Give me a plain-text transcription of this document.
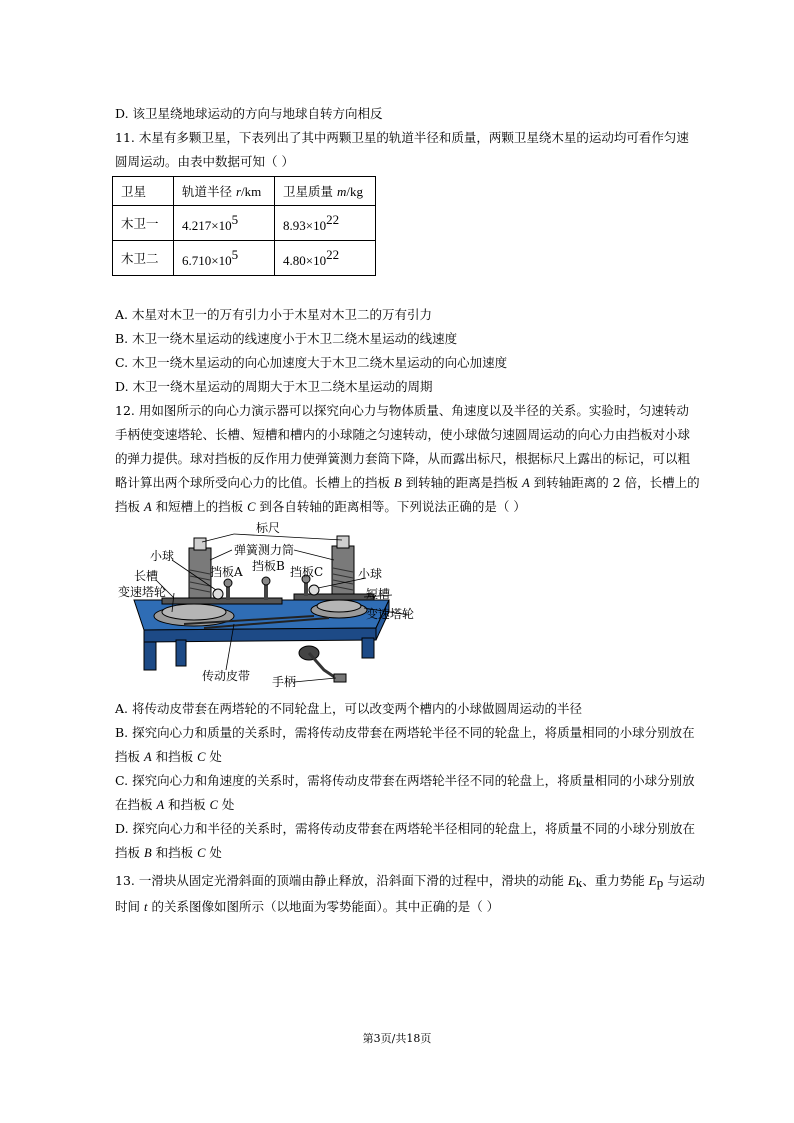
D. 该卫星绕地球运动的方向与地球自转方向相反
11. 木星有多颗卫星，下表列出了其中两颗卫星的轨道半径和质量，两颗卫星绕木星的运动均可看作匀速
圆周运动。由表中数据可知（ ）
卫星	轨道半径 r/km	卫星质量 m/kg
木卫一	$4.217\times 10^5$	$8.93\times 10^{22}$
木卫二	$6.710\times 10^5$	$4.80\times 10^{22}$
A. 木星对木卫一的万有引力小于木星对木卫二的万有引力
B. 木卫一绕木星运动的线速度小于木卫二绕木星运动的线速度
C. 木卫一绕木星运动的向心加速度大于木卫二绕木星运动的向心加速度
D. 木卫一绕木星运动的周期大于木卫二绕木星运动的周期
12. 用如图所示的向心力演示器可以探究向心力与物体质量、角速度以及半径的关系。实验时，匀速转动
手柄使变速塔轮、长槽、短槽和槽内的小球随之匀速转动，使小球做匀速圆周运动的向心力由挡板对小球
的弹力提供。球对挡板的反作用力使弹簧测力套筒下降，从而露出标尺，根据标尺上露出的标记，可以粗
略计算出两个球所受向心力的比值。长槽上的挡板 B 到转轴的距离是挡板 A 到转轴距离的 2 倍，长槽上的
挡板 A 和短槽上的挡板 C 到各自转轴的距离相等。下列说法正确的是（ ）
标尺
弹簧测力筒
小球
挡板A 挡板B 挡板C	小球
长槽
短槽
变速塔轮
变速塔轮
传动皮带 手柄
A. 将传动皮带套在两塔轮的不同轮盘上，可以改变两个槽内的小球做圆周运动的半径
B. 探究向心力和质量的关系时，需将传动皮带套在两塔轮半径不同的轮盘上，将质量相同的小球分别放在
挡板 A 和挡板 C 处
C. 探究向心力和角速度的关系时，需将传动皮带套在两塔轮半径不同的轮盘上，将质量相同的小球分别放
在挡板 A 和挡板 C 处
D. 探究向心力和半径的关系时，需将传动皮带套在两塔轮半径相同的轮盘上，将质量不同的小球分别放在
挡板 B 和挡板 C 处
13. 一滑块从固定光滑斜面的顶端由静止释放，沿斜面下滑的过程中，滑块的动能 $E_k$、重力势能 $E_p$ 与运动
时间 t 的关系图像如图所示（以地面为零势能面）。其中正确的是（ ）
第3页/共18页
